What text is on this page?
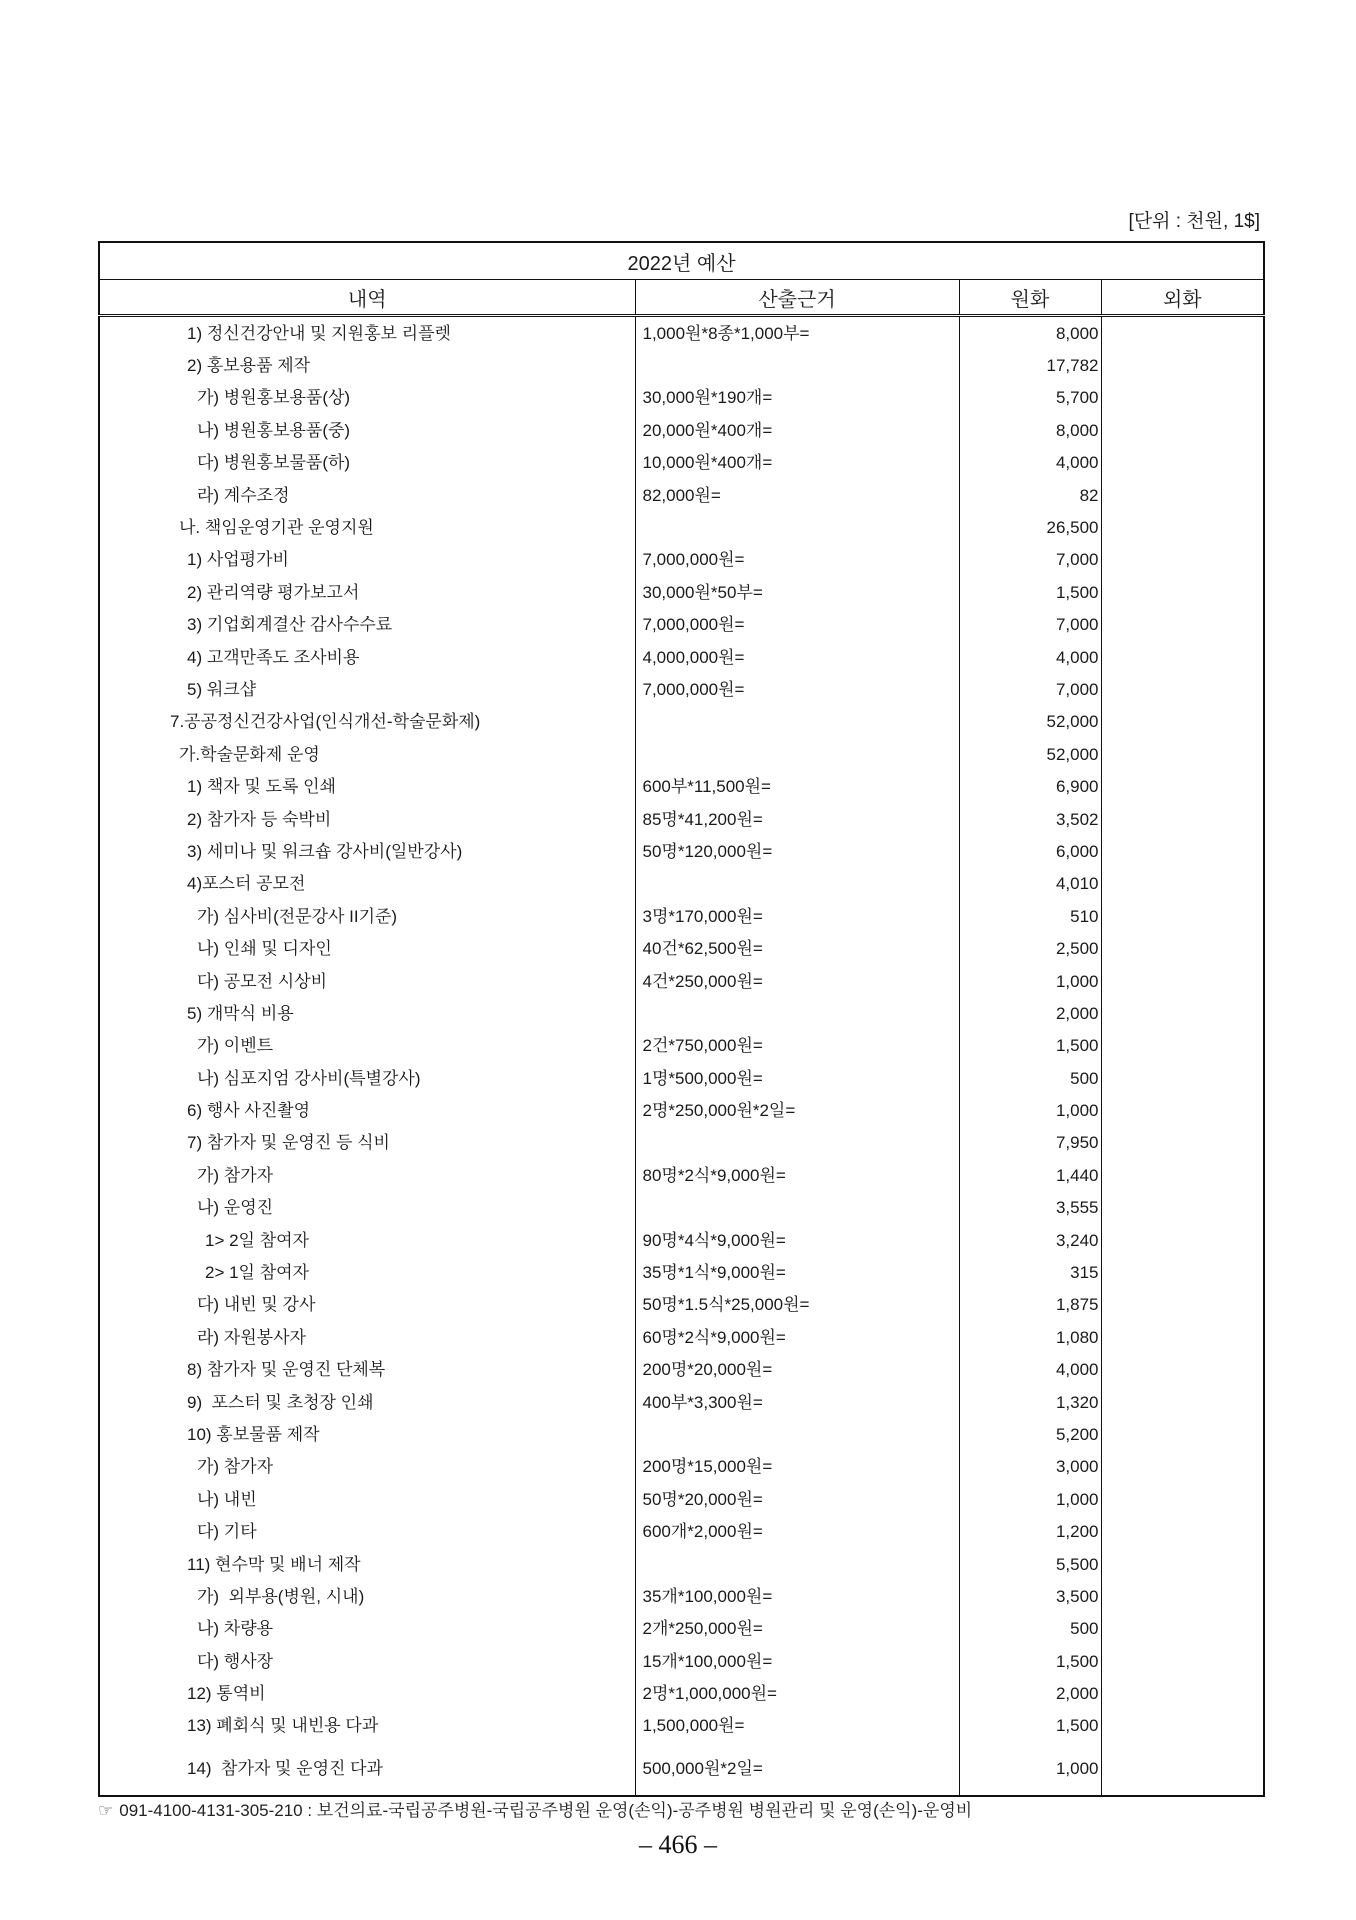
[단위 : 천원, 1$]
2022년 예산			
내역	산출근거	원화	외화
1) 정신건강안내 및 지원홍보 리플렛	1,000원*8종*1,000부=	8,000	
2) 홍보용품 제작		17,782	
가) 병원홍보용품(상)	30,000원*190개=	5,700	
나) 병원홍보용품(중)	20,000원*400개=	8,000	
다) 병원홍보물품(하)	10,000원*400개=	4,000	
라) 계수조정	82,000원=	82	
나. 책임운영기관 운영지원		26,500	
1) 사업평가비	7,000,000원=	7,000	
2) 관리역량 평가보고서	30,000원*50부=	1,500	
3) 기업회계결산 감사수수료	7,000,000원=	7,000	
4) 고객만족도 조사비용	4,000,000원=	4,000	
5) 워크샵	7,000,000원=	7,000	
7.공공정신건강사업(인식개선-학술문화제)		52,000	
가.학술문화제 운영		52,000	
1) 책자 및 도록 인쇄	600부*11,500원=	6,900	
2) 참가자 등 숙박비	85명*41,200원=	3,502	
3) 세미나 및 워크숍 강사비(일반강사)	50명*120,000원=	6,000	
4)포스터 공모전		4,010	
가) 심사비(전문강사 II기준)	3명*170,000원=	510	
나) 인쇄 및 디자인	40건*62,500원=	2,500	
다) 공모전 시상비	4건*250,000원=	1,000	
5) 개막식 비용		2,000	
가) 이벤트	2건*750,000원=	1,500	
나) 심포지엄 강사비(특별강사)	1명*500,000원=	500	
6) 행사 사진촬영	2명*250,000원*2일=	1,000	
7) 참가자 및 운영진 등 식비		7,950	
가) 참가자	80명*2식*9,000원=	1,440	
나) 운영진		3,555	
1> 2일 참여자	90명*4식*9,000원=	3,240	
2> 1일 참여자	35명*1식*9,000원=	315	
다) 내빈 및 강사	50명*1.5식*25,000원=	1,875	
라) 자원봉사자	60명*2식*9,000원=	1,080	
8) 참가자 및 운영진 단체복	200명*20,000원=	4,000	
9)  포스터 및 초청장 인쇄	400부*3,300원=	1,320	
10) 홍보물품 제작		5,200	
가) 참가자	200명*15,000원=	3,000	
나) 내빈	50명*20,000원=	1,000	
다) 기타	600개*2,000원=	1,200	
11) 현수막 및 배너 제작		5,500	
가)  외부용(병원, 시내)	35개*100,000원=	3,500	
나) 차량용	2개*250,000원=	500	
다) 행사장	15개*100,000원=	1,500	
12) 통역비	2명*1,000,000원=	2,000	
13) 폐회식 및 내빈용 다과	1,500,000원=	1,500	
14)  참가자 및 운영진 다과	500,000원*2일=	1,000	
☞ 091-4100-4131-305-210 : 보건의료-국립공주병원-국립공주병원 운영(손익)-공주병원 병원관리 및 운영(손익)-운영비
– 466 –
